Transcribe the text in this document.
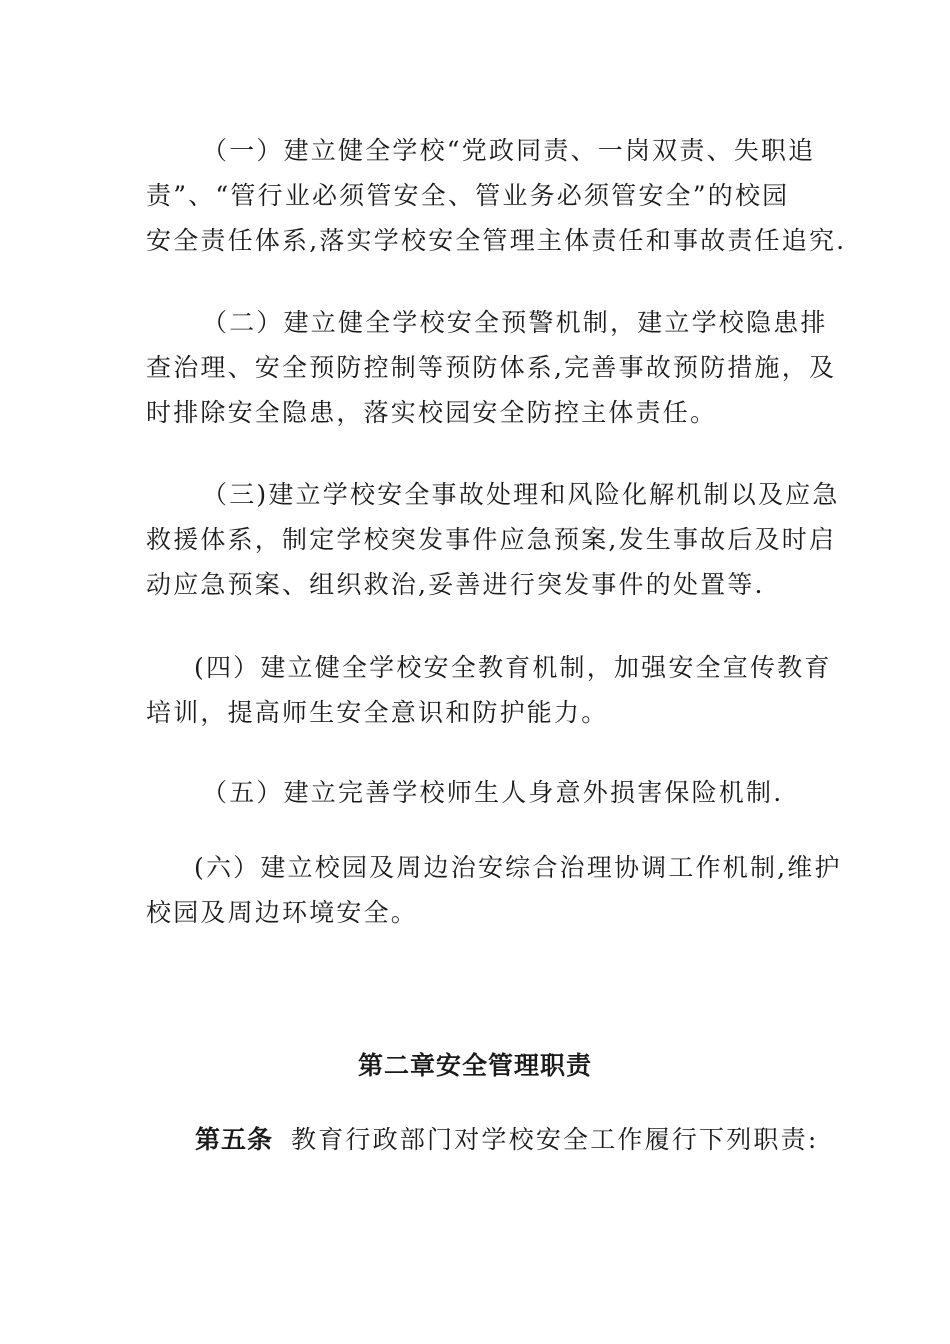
（一）建立健全学校“党政同责、一岗双责、失职追
责”、“管行业必须管安全、管业务必须管安全”的校园
安全责任体系,落实学校安全管理主体责任和事故责任追究.
（二）建立健全学校安全预警机制，建立学校隐患排
查治理、安全预防控制等预防体系,完善事故预防措施，及
时排除安全隐患，落实校园安全防控主体责任。
（三)建立学校安全事故处理和风险化解机制以及应急
救援体系，制定学校突发事件应急预案,发生事故后及时启
动应急预案、组织救治,妥善进行突发事件的处置等.
(四）建立健全学校安全教育机制，加强安全宣传教育
培训，提高师生安全意识和防护能力。
（五）建立完善学校师生人身意外损害保险机制.
(六）建立校园及周边治安综合治理协调工作机制,维护
校园及周边环境安全。
第二章安全管理职责

第五条 教育行政部门对学校安全工作履行下列职责:
